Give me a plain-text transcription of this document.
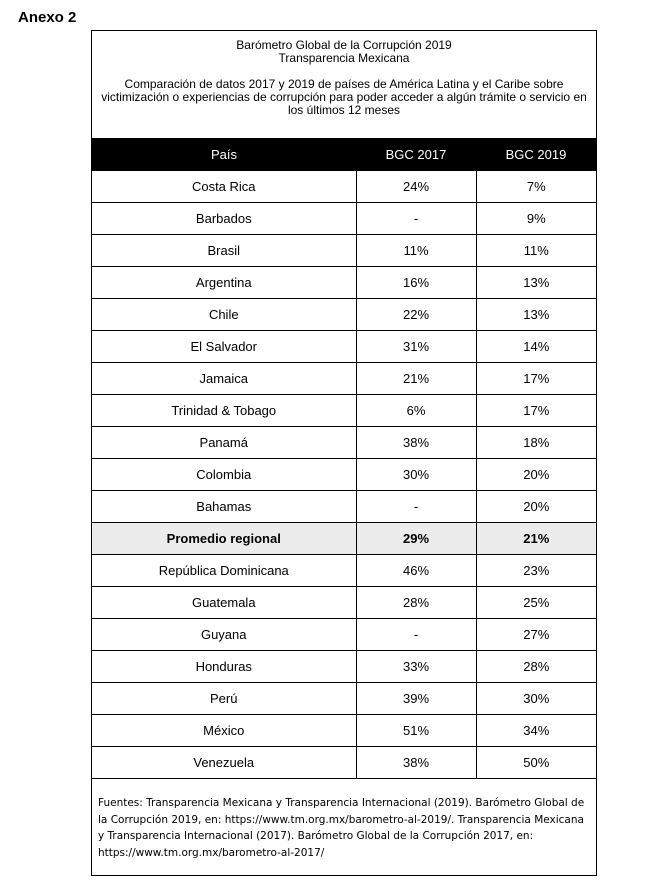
Anexo 2
Barómetro Global de la Corrupción 2019
Transparencia Mexicana
Comparación de datos 2017 y 2019 de países de América Latina y el Caribe sobre victimización o experiencias de corrupción para poder acceder a algún trámite o servicio en los últimos 12 meses
País	BGC 2017	BGC 2019
Costa Rica	24%	7%
Barbados	-	9%
Brasil	11%	11%
Argentina	16%	13%
Chile	22%	13%
El Salvador	31%	14%
Jamaica	21%	17%
Trinidad & Tobago	6%	17%
Panamá	38%	18%
Colombia	30%	20%
Bahamas	-	20%
Promedio regional	29%	21%
República Dominicana	46%	23%
Guatemala	28%	25%
Guyana	-	27%
Honduras	33%	28%
Perú	39%	30%
México	51%	34%
Venezuela	38%	50%
Fuentes: Transparencia Mexicana y Transparencia Internacional (2019). Barómetro Global de la Corrupción 2019, en: https://www.tm.org.mx/barometro-al-2019/. Transparencia Mexicana y Transparencia Internacional (2017). Barómetro Global de la Corrupción 2017, en: https://www.tm.org.mx/barometro-al-2017/
